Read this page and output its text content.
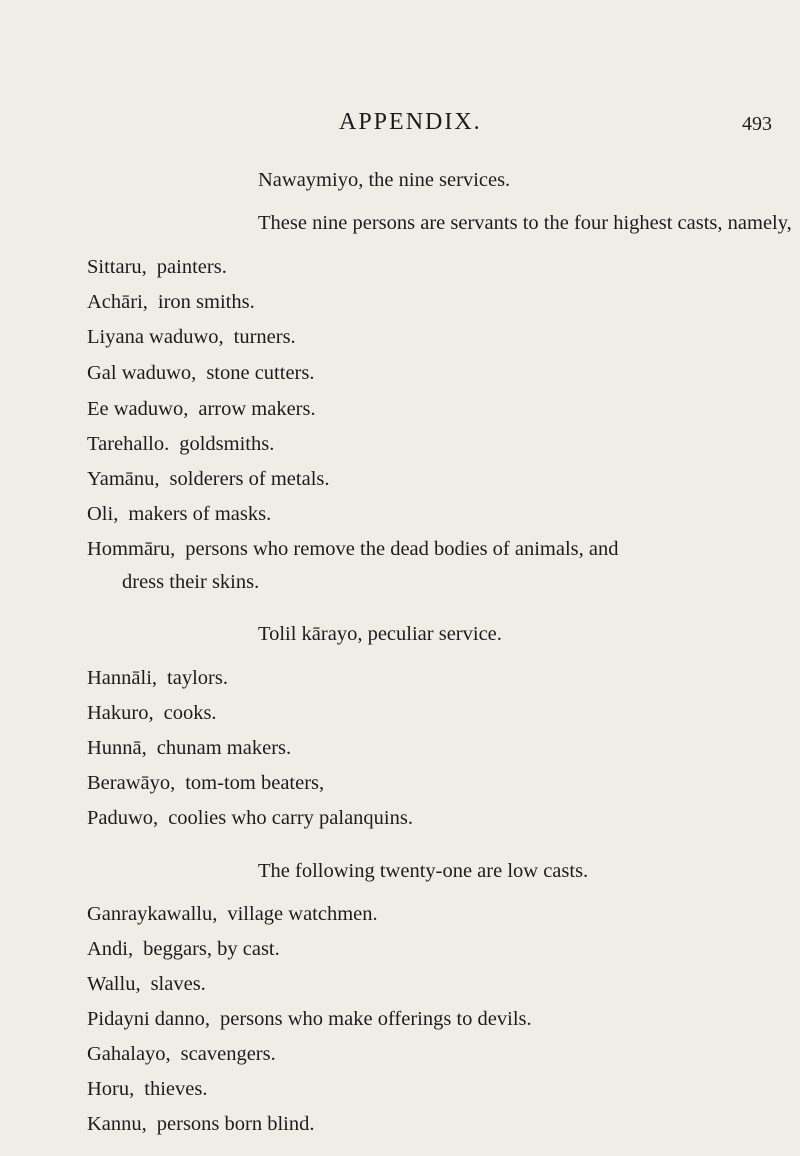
APPENDIX.	493
Nawaymiyo, the nine services.
These nine persons are servants to the four highest casts, namely,
Sittaru, painters.
Achāri, iron smiths.
Liyana waduwo, turners.
Gal waduwo, stone cutters.
Ee waduwo, arrow makers.
Tarehallo. goldsmiths.
Yamānu, solderers of metals.
Oli, makers of masks.
Hommāru, persons who remove the dead bodies of animals, and
dress their skins.
Tolil kārayo, peculiar service.
Hannāli, taylors.
Hakuro, cooks.
Hunnā, chunam makers.
Berawāyo, tom-tom beaters,
Paduwo, coolies who carry palanquins.
The following twenty-one are low casts.
Ganraykawallu, village watchmen.
Andi, beggars, by cast.
Wallu, slaves.
Pidayni danno, persons who make offerings to devils.
Gahalayo, scavengers.
Horu, thieves.
Kannu, persons born blind.
